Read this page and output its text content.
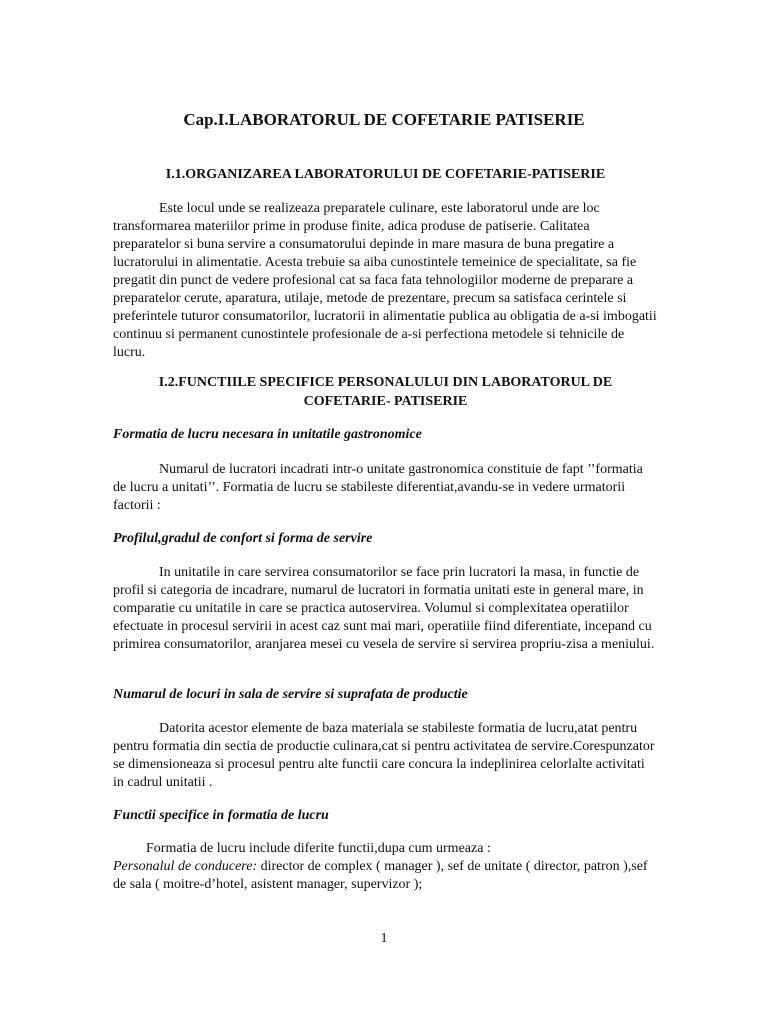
Cap.I.LABORATORUL DE COFETARIE PATISERIE
I.1.ORGANIZAREA LABORATORULUI DE COFETARIE-PATISERIE

Este locul unde se realizeaza preparatele culinare, este laboratorul unde are loc transformarea materiilor prime in produse finite, adica produse de patiserie. Calitatea preparatelor si buna servire a consumatorului depinde in mare masura de buna pregatire a lucratorului in alimentatie. Acesta trebuie sa aiba cunostintele temeinice de specialitate, sa fie pregatit din punct de vedere profesional cat sa faca fata tehnologiilor moderne de preparare a preparatelor cerute, aparatura, utilaje, metode de prezentare, precum sa satisfaca cerintele si preferintele tuturor consumatorilor, lucratorii in alimentatie publica au obligatia de a-si imbogatii continuu si permanent cunostintele profesionale de a-si perfectiona metodele si tehnicile de lucru.

I.2.FUNCTIILE SPECIFICE PERSONALULUI DIN LABORATORUL DE
COFETARIE- PATISERIE
Formatia de lucru necesara in unitatile gastronomice

Numarul de lucratori incadrati intr-o unitate gastronomica constituie de fapt ’’formatia de lucru a unitati’’. Formatia de lucru se stabileste diferentiat,avandu-se in vedere urmatorii factorii :

Profilul,gradul de confort si forma de servire

In unitatile in care servirea consumatorilor se face prin lucratori la masa, in functie de profil si categoria de incadrare, numarul de lucratori in formatia unitati este in general mare, in comparatie cu unitatile in care se practica autoservirea. Volumul si complexitatea operatiilor efectuate in procesul servirii in acest caz sunt mai mari, operatiile fiind diferentiate, incepand cu primirea consumatorilor, aranjarea mesei cu vesela de servire si servirea propriu-zisa a meniului.

Numarul de locuri in sala de servire si suprafata de productie

Datorita acestor elemente de baza materiala se stabileste formatia de lucru,atat pentru pentru formatia din sectia de productie culinara,cat si pentru activitatea de servire.Corespunzator se dimensioneaza si procesul pentru alte functii care concura la indeplinirea celorlalte activitati in cadrul unitatii .

Functii specifice in formatia de lucru

Formatia de lucru include diferite functii,dupa cum urmeaza :

Personalul de conducere: director de complex ( manager ), sef de unitate ( director, patron ),sef de sala ( moitre-d’hotel, asistent manager, supervizor );

1
